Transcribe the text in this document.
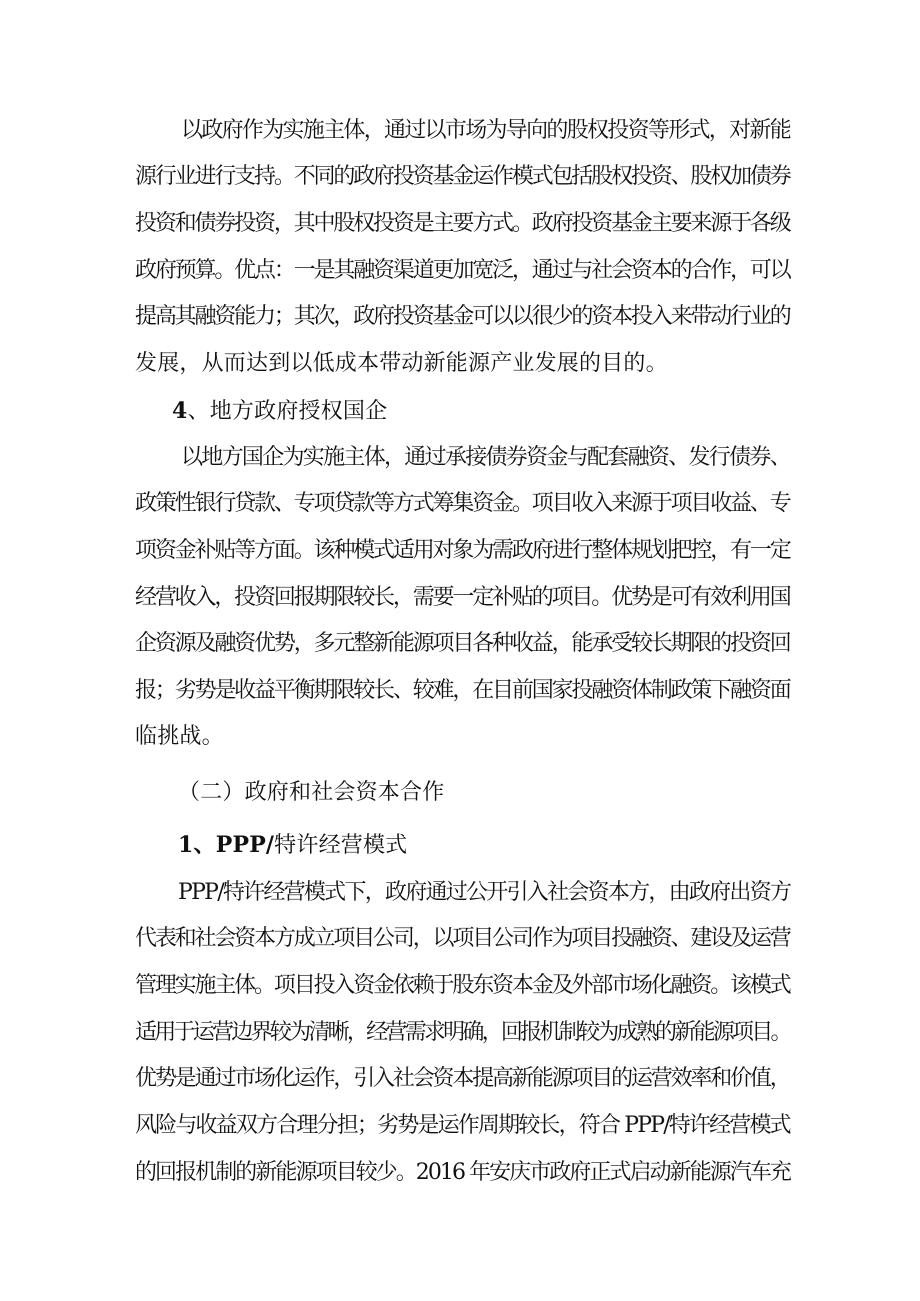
以政府作为实施主体，通过以市场为导向的股权投资等形式，对新能
源行业进行支持。不同的政府投资基金运作模式包括股权投资、股权加债券
投资和债券投资，其中股权投资是主要方式。政府投资基金主要来源于各级
政府预算。优点：一是其融资渠道更加宽泛，通过与社会资本的合作，可以
提高其融资能力；其次，政府投资基金可以以很少的资本投入来带动行业的
发展，从而达到以低成本带动新能源产业发展的目的。
4、地方政府授权国企
以地方国企为实施主体，通过承接债券资金与配套融资、发行债券、
政策性银行贷款、专项贷款等方式筹集资金。项目收入来源于项目收益、专
项资金补贴等方面。该种模式适用对象为需政府进行整体规划把控，有一定
经营收入，投资回报期限较长，需要一定补贴的项目。优势是可有效利用国
企资源及融资优势，多元整新能源项目各种收益，能承受较长期限的投资回
报；劣势是收益平衡期限较长、较难，在目前国家投融资体制政策下融资面
临挑战。
（二）政府和社会资本合作
1、PPP/特许经营模式
PPP/特许经营模式下，政府通过公开引入社会资本方，由政府出资方
代表和社会资本方成立项目公司，以项目公司作为项目投融资、建设及运营
管理实施主体。项目投入资金依赖于股东资本金及外部市场化融资。该模式
适用于运营边界较为清晰，经营需求明确，回报机制较为成熟的新能源项目。
优势是通过市场化运作，引入社会资本提高新能源项目的运营效率和价值，
风险与收益双方合理分担；劣势是运作周期较长，符合 PPP/特许经营模式
的回报机制的新能源项目较少。2016 年安庆市政府正式启动新能源汽车充
